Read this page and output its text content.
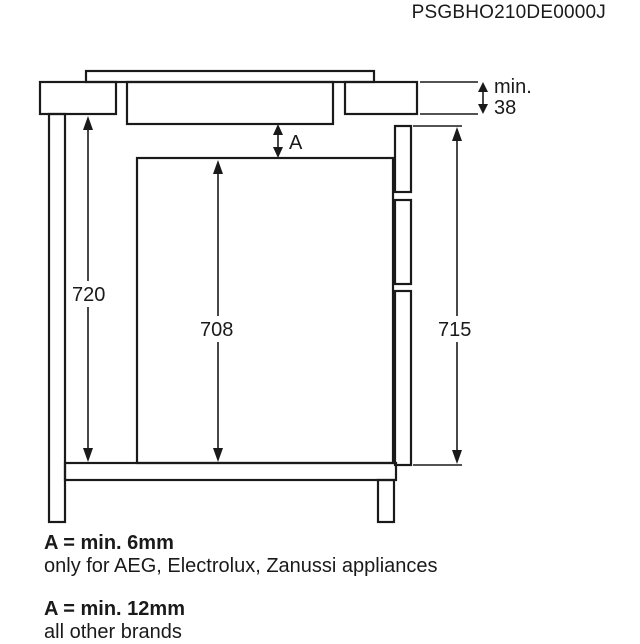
PSGBHO210DE0000J
min.
38
A
720
708	715
A = min. 6mm
only for AEG, Electrolux, Zanussi appliances
A = min. 12mm
all other brands
